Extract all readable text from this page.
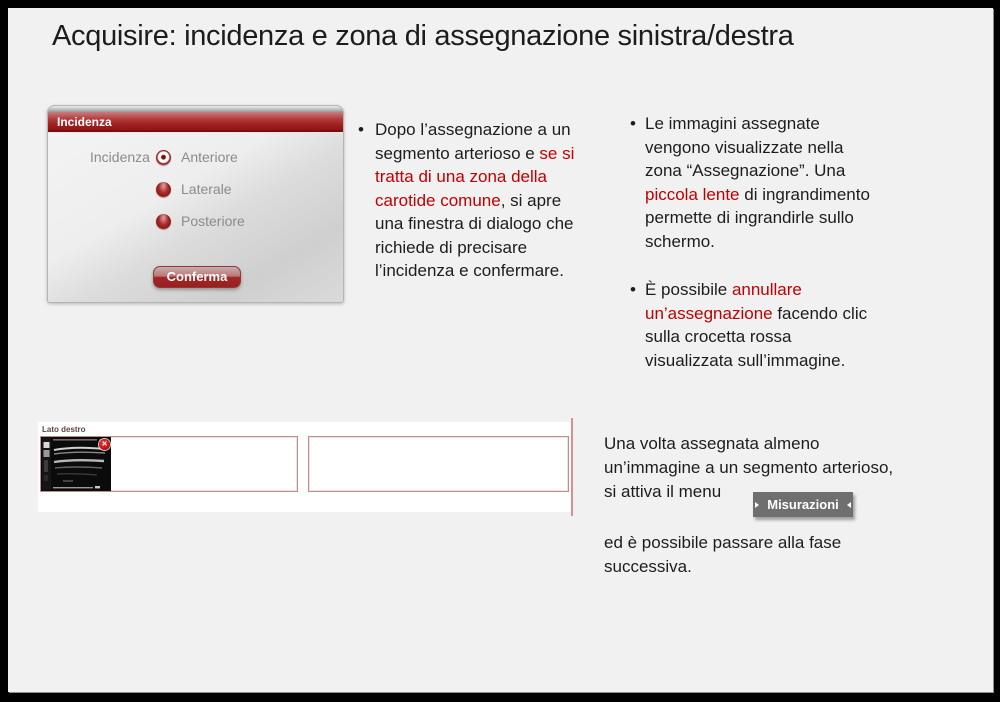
Acquisire: incidenza e zona di assegnazione sinistra/destra
Incidenza
Incidenza Anteriore
Laterale
Posteriore
Conferma
• Dopo l’assegnazione a un
segmento arterioso e se si
tratta di una zona della
carotide comune, si apre
una finestra di dialogo che
richiede di precisare
l’incidenza e confermare.
• Le immagini assegnate
vengono visualizzate nella
zona “Assegnazione”. Una
piccola lente di ingrandimento
permette di ingrandirle sullo
schermo.
• È possibile annullare
un’assegnazione facendo clic
sulla crocetta rossa
visualizzata sull’immagine.
Lato destro
✕	Una volta assegnata almeno
un’immagine a un segmento arterioso,
si attiva il menu
Misurazioni
ed è possibile passare alla fase
successiva.
